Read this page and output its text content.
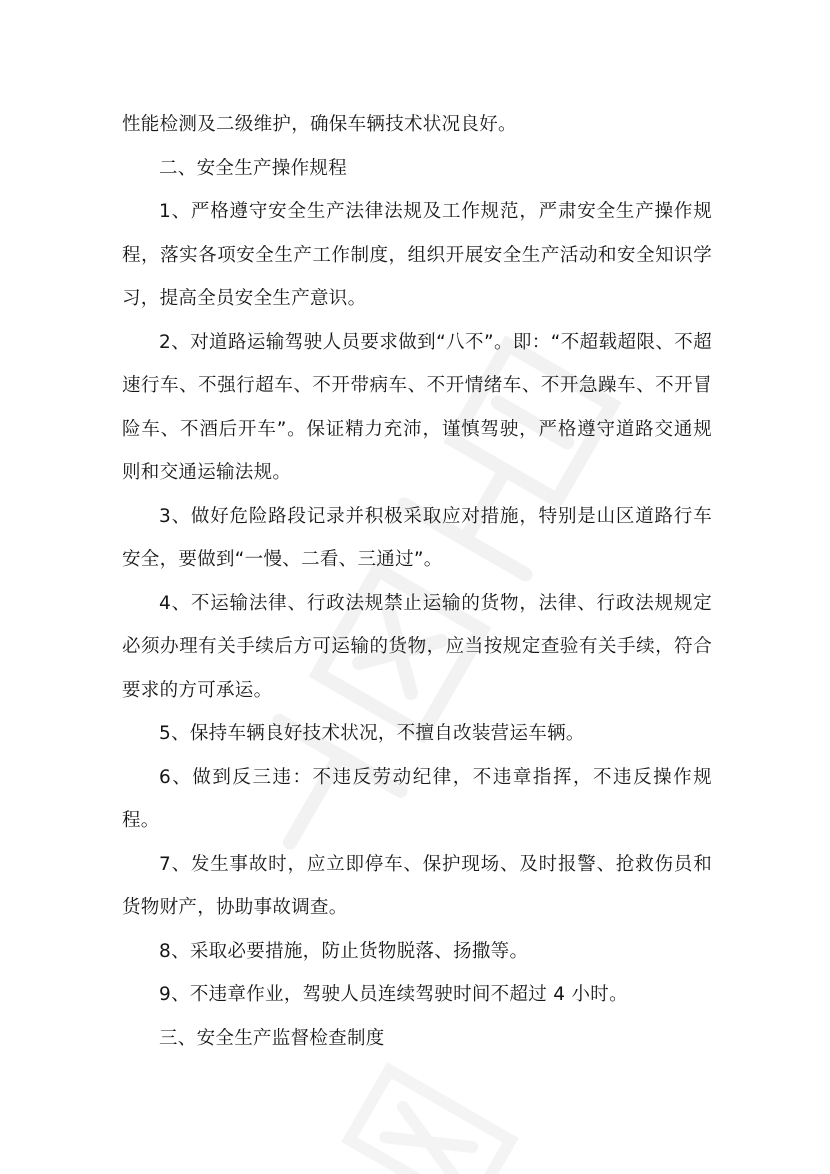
性能检测及二级维护，确保车辆技术状况良好。

二、安全生产操作规程

1、严格遵守安全生产法律法规及工作规范，严肃安全生产操作规程，落实各项安全生产工作制度，组织开展安全生产活动和安全知识学习，提高全员安全生产意识。

2、对道路运输驾驶人员要求做到“八不”。即：“不超载超限、不超速行车、不强行超车、不开带病车、不开情绪车、不开急躁车、不开冒险车、不酒后开车”。保证精力充沛，谨慎驾驶，严格遵守道路交通规则和交通运输法规。

3、做好危险路段记录并积极采取应对措施，特别是山区道路行车安全，要做到“一慢、二看、三通过”。

4、不运输法律、行政法规禁止运输的货物，法律、行政法规规定必须办理有关手续后方可运输的货物，应当按规定查验有关手续，符合要求的方可承运。

5、保持车辆良好技术状况，不擅自改装营运车辆。

6、做到反三违：不违反劳动纪律，不违章指挥，不违反操作规程。

7、发生事故时，应立即停车、保护现场、及时报警、抢救伤员和货物财产，协助事故调查。

8、采取必要措施，防止货物脱落、扬撒等。

9、不违章作业，驾驶人员连续驾驶时间不超过 4 小时。

三、安全生产监督检查制度
